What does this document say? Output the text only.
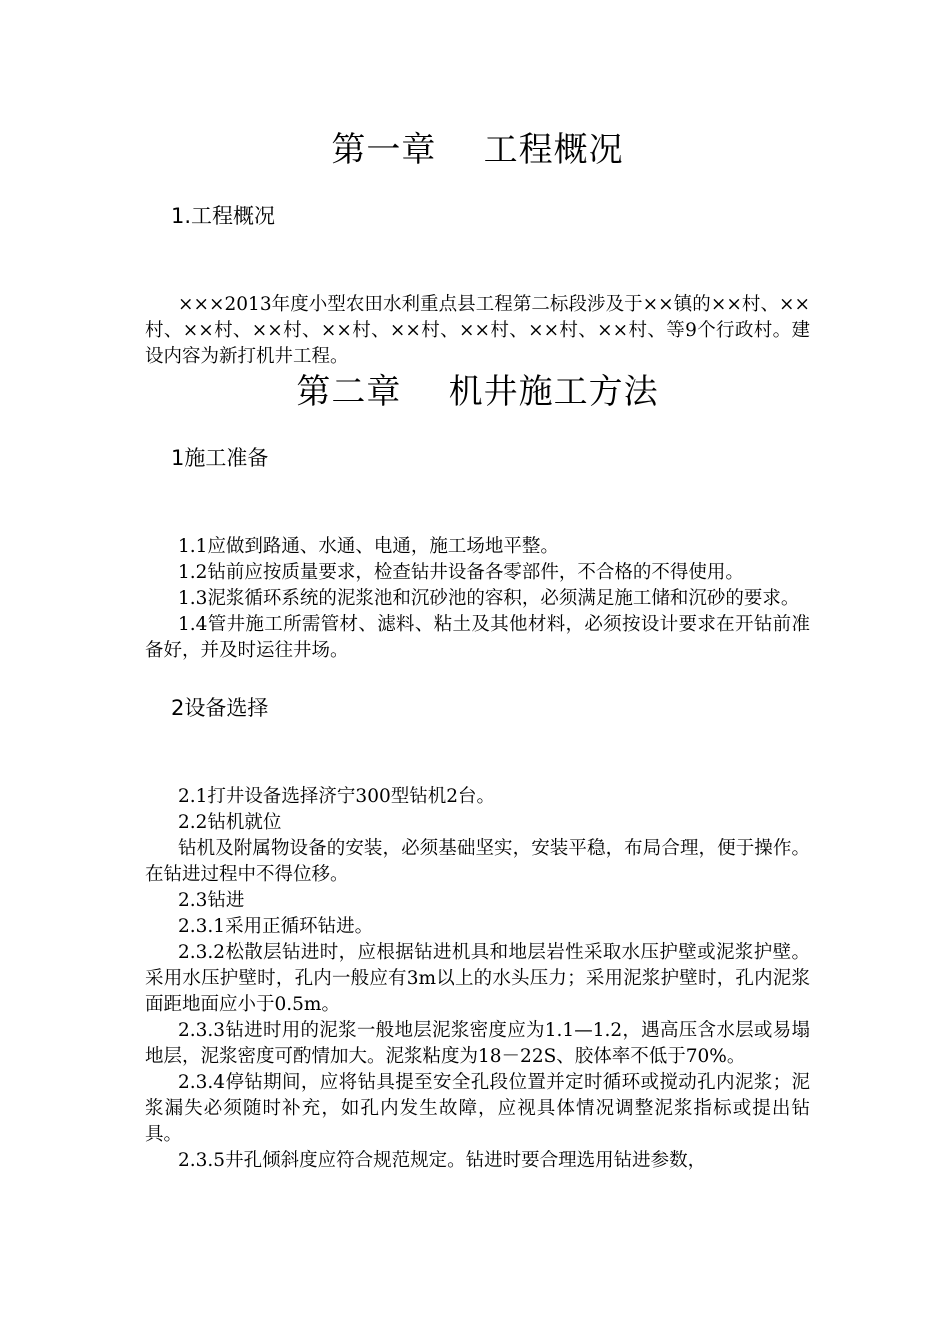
第一章    工程概况
1.工程概况

×××2013年度小型农田水利重点县工程第二标段涉及于××镇的××村、××村、××村、××村、××村、××村、××村、××村、××村、等9个行政村。建设内容为新打机井工程。

第二章    机井施工方法
1施工准备

1.1应做到路通、水通、电通，施工场地平整。

1.2钻前应按质量要求，检查钻井设备各零部件，不合格的不得使用。

1.3泥浆循环系统的泥浆池和沉砂池的容积，必须满足施工储和沉砂的要求。

1.4管井施工所需管材、滤料、粘土及其他材料，必须按设计要求在开钻前准备好，并及时运往井场。

2设备选择

2.1打井设备选择济宁300型钻机2台。

2.2钻机就位

钻机及附属物设备的安装，必须基础坚实，安装平稳，布局合理，便于操作。在钻进过程中不得位移。

2.3钻进

2.3.1采用正循环钻进。

2.3.2松散层钻进时，应根据钻进机具和地层岩性采取水压护壁或泥浆护壁。采用水压护壁时，孔内一般应有3m以上的水头压力；采用泥浆护壁时，孔内泥浆面距地面应小于0.5m。

2.3.3钻进时用的泥浆一般地层泥浆密度应为1.1—1.2，遇高压含水层或易塌地层，泥浆密度可酌情加大。泥浆粘度为18－22S、胶体率不低于70%。

2.3.4停钻期间，应将钻具提至安全孔段位置并定时循环或搅动孔内泥浆；泥浆漏失必须随时补充，如孔内发生故障，应视具体情况调整泥浆指标或提出钻具。

2.3.5井孔倾斜度应符合规范规定。钻进时要合理选用钻进参数，
